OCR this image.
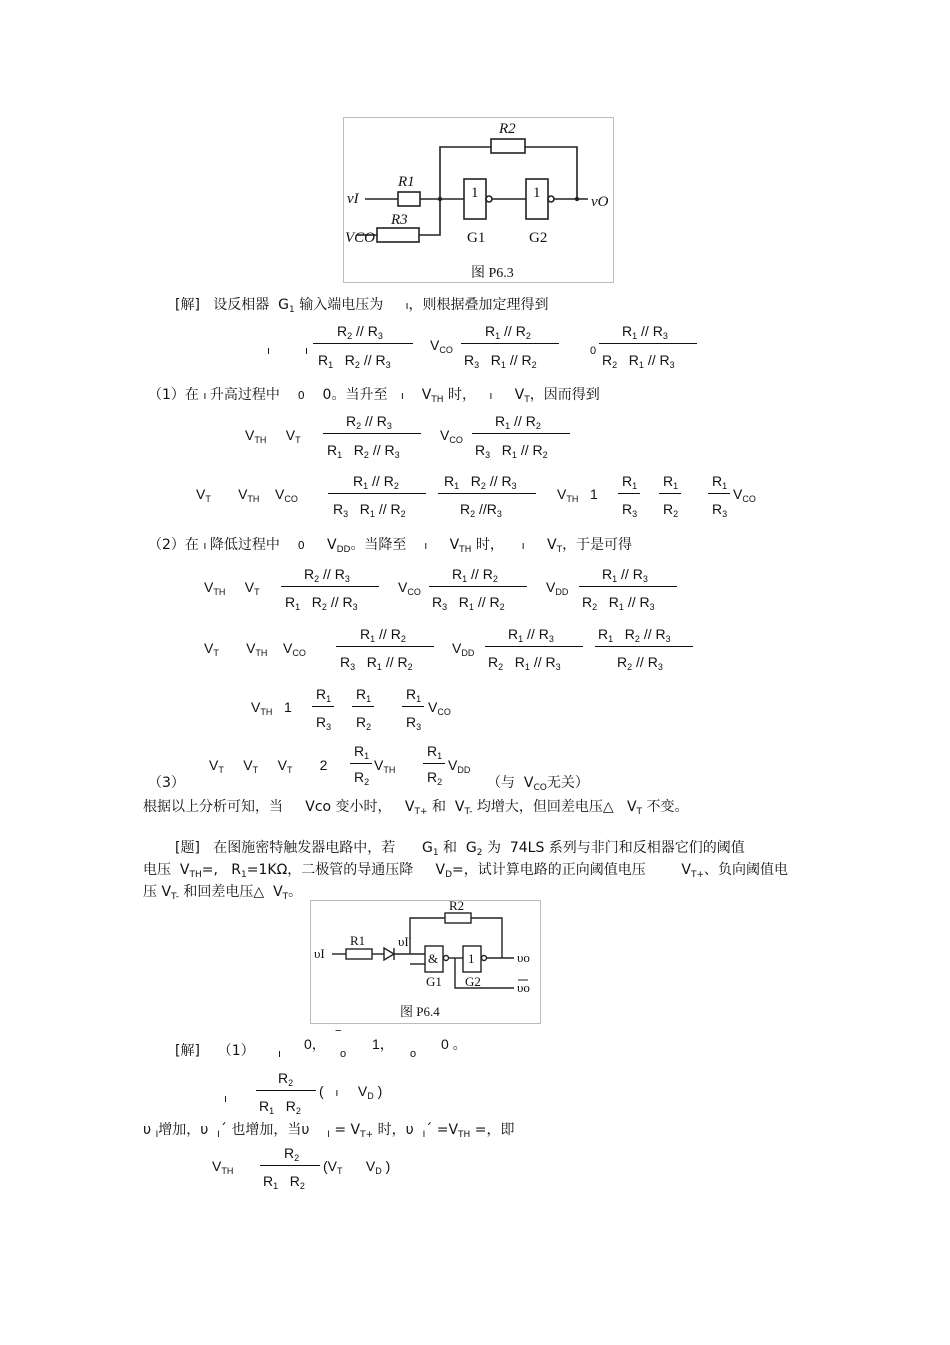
R2
R1
R3
vI	vO
VCO
1	1
G1	G2
图 P6.3
[解]   设反相器  $G_1$ 输入端电压为     ı，则根据叠加定理得到
ı	ı
$R_2 // R_3$
$R_1$   $R_2 // R_3$
$V_{CO}$
$R_1 // R_2$
$R_3$   $R_1 // R_2$
0
$R_1 // R_3$
$R_2$   $R_1 // R_3$
（1）在 ı 升高过程中 0 0。当升至 ı    $V_{TH}$ 时， ı     $V_T$，因而得到
$V_{TH}$     $V_T$
$R_2 // R_3$
$R_1$   $R_2 // R_3$
$V_{CO}$
$R_1 // R_2$
$R_3$   $R_1 // R_2$
$V_T$       $V_{TH}$    $V_{CO}$
$R_1 // R_2$
$R_3$   $R_1 // R_2$
$R_1$   $R_2 // R_3$
$R_2$ $//R_3$
$V_{TH}$   1
$R_1$
$R_3$
$R_1$
$R_2$
$R_1$
$R_3$
$V_{CO}$
（2）在 ı 降低过程中 0     $V_{DD}$。当降至 ı     $V_{TH}$ 时， ı     $V_T$，于是可得
$V_{TH}$     $V_T$
$R_2 // R_3$
$R_1$   $R_2 // R_3$
$V_{CO}$
$R_1 // R_2$
$R_3$   $R_1 // R_2$
$V_{DD}$
$R_1 // R_3$
$R_2$   $R_1 // R_3$
$V_T$       $V_{TH}$    $V_{CO}$
$R_1 // R_2$
$R_3$   $R_1 // R_2$
$V_{DD}$
$R_1 // R_3$
$R_2$   $R_1 // R_3$
$R_1$   $R_2 // R_3$
$R_2 // R_3$
$V_{TH}$   1
$R_1$
$R_3$
$R_1$
$R_2$
$R_1$
$R_3$
$V_{CO}$
$V_T$     $V_T$     $V_T$       2
$R_1$
$R_2$
$V_{TH}$
$R_1$
$R_2$
$V_{DD}$
（3）	（与  $V_{CO}$无关）
根据以上分析可知，当     Vco 变小时，   $V_{T+}$ 和  $V_{T-}$ 均增大，但回差电压△   $V_T$ 不变。
[题]   在图施密特触发器电路中，若      $G_1$ 和  $G_2$ 为  74LS 系列与非门和反相器它们的阈值
电压  $V_{TH}=$,   $R_1=1K\Omega$，二极管的导通压降     $V_D=$，试计算电路的正向阈值电压        $V_{T+}$、负向阈值电
压 $V_{T-}$ 和回差电压△  $V_T$。
υI
R1	υI′
R2
& 1
G1 G2
υo
υo
图 P6.4
[解]    （1） ı
0， ‾
o
1，
o
0 。
ı
$R_2$
$R_1$   $R_2$
(   ı     $V_D$ )
υ $_I$增加，υ  $_I$´ 也增加，当υ    $_I = V_{T+}$ 时，υ  $_I$´ $=V_{TH}$ =，即
$V_{TH}$
$R_2$
$R_1$   $R_2$
($V_T$      $V_D$ )
